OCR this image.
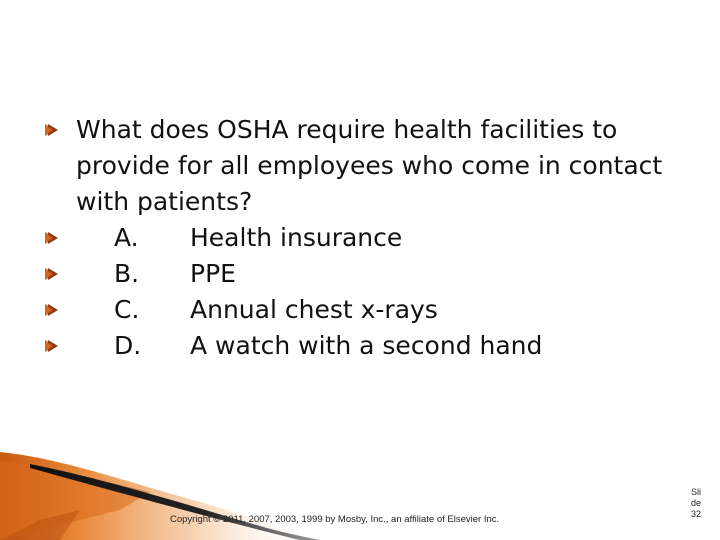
What does OSHA require health facilities to provide for all employees who come in contact with patients?
A. Health insurance
B. PPE
C. Annual chest x-rays
D. A watch with a second hand
Copyright © 2011, 2007, 2003, 1999 by Mosby, Inc., an affiliate of Elsevier Inc.
Sli
de
32
